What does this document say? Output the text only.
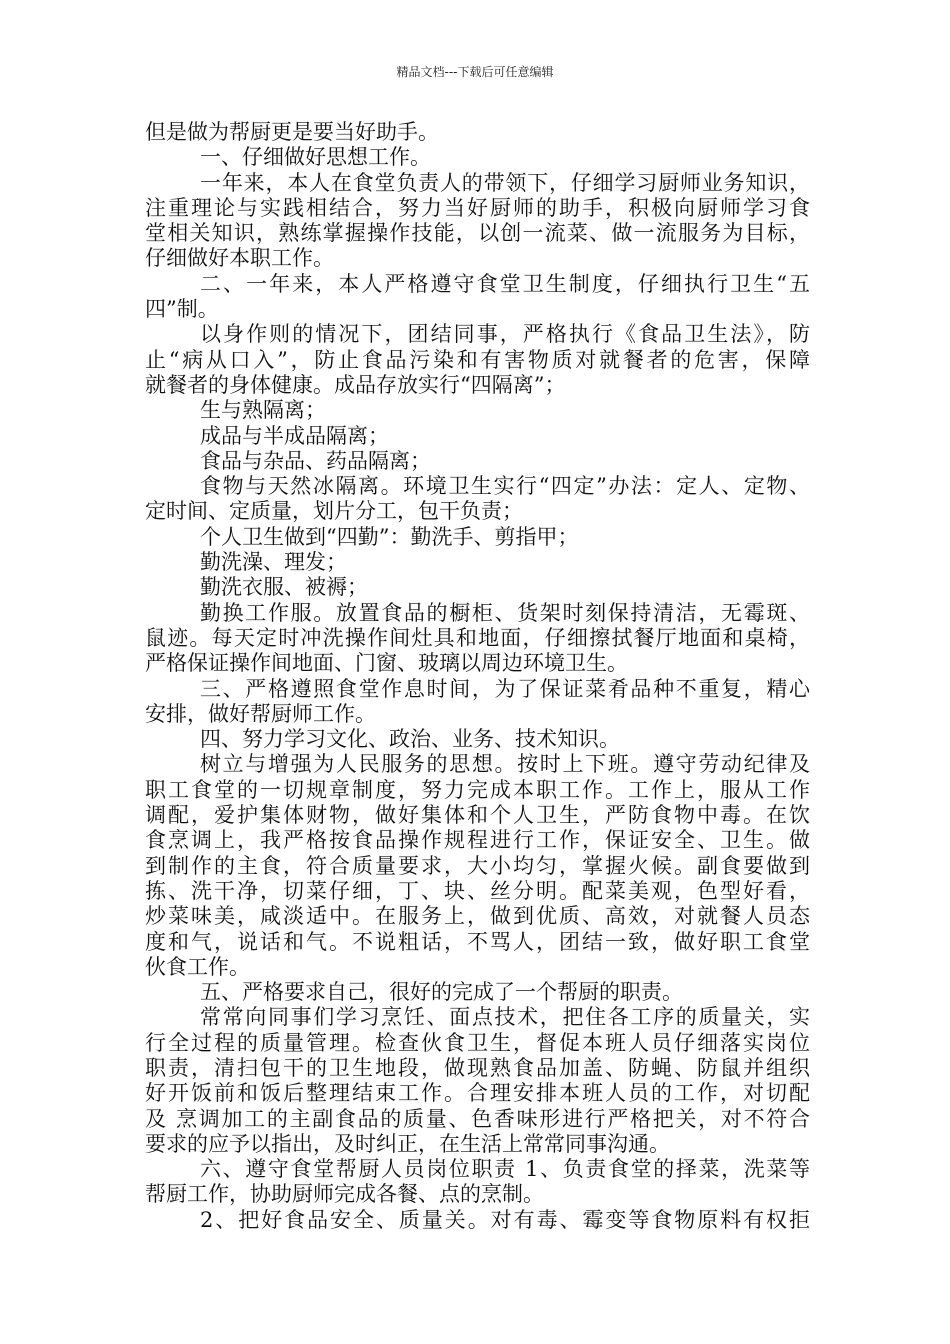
精品文档---下载后可任意编辑
但是做为帮厨更是要当好助手。
一、仔细做好思想工作。
一年来，本人在食堂负责人的带领下，仔细学习厨师业务知识，
注重理论与实践相结合，努力当好厨师的助手，积极向厨师学习食
堂相关知识，熟练掌握操作技能，以创一流菜、做一流服务为目标，
仔细做好本职工作。
二、一年来，本人严格遵守食堂卫生制度，仔细执行卫生“五
四”制。
以身作则的情况下，团结同事，严格执行《食品卫生法》，防
止“病从口入”，防止食品污染和有害物质对就餐者的危害，保障
就餐者的身体健康。成品存放实行“四隔离”；
生与熟隔离；
成品与半成品隔离；
食品与杂品、药品隔离；
食物与天然冰隔离。环境卫生实行“四定”办法：定人、定物、
定时间、定质量，划片分工，包干负责；
个人卫生做到“四勤”：勤洗手、剪指甲；
勤洗澡、理发；
勤洗衣服、被褥；
勤换工作服。放置食品的橱柜、货架时刻保持清洁，无霉斑、
鼠迹。每天定时冲洗操作间灶具和地面，仔细擦拭餐厅地面和桌椅，
严格保证操作间地面、门窗、玻璃以周边环境卫生。
三、严格遵照食堂作息时间，为了保证菜肴品种不重复，精心
安排，做好帮厨师工作。
四、努力学习文化、政治、业务、技术知识。
树立与增强为人民服务的思想。按时上下班。遵守劳动纪律及
职工食堂的一切规章制度，努力完成本职工作。工作上，服从工作
调配，爱护集体财物，做好集体和个人卫生，严防食物中毒。在饮
食烹调上，我严格按食品操作规程进行工作，保证安全、卫生。做
到制作的主食，符合质量要求，大小均匀，掌握火候。副食要做到
拣、洗干净，切菜仔细，丁、块、丝分明。配菜美观，色型好看，
炒菜味美，咸淡适中。在服务上，做到优质、高效，对就餐人员态
度和气，说话和气。不说粗话，不骂人，团结一致，做好职工食堂
伙食工作。
五、严格要求自己，很好的完成了一个帮厨的职责。
常常向同事们学习烹饪、面点技术，把住各工序的质量关，实
行全过程的质量管理。检查伙食卫生，督促本班人员仔细落实岗位
职责，清扫包干的卫生地段，做现熟食品加盖、防蝇、防鼠并组织
好开饭前和饭后整理结束工作。合理安排本班人员的工作，对切配
及 烹调加工的主副食品的质量、色香味形进行严格把关，对不符合
要求的应予以指出，及时纠正，在生活上常常同事沟通。
六、遵守食堂帮厨人员岗位职责 1、负责食堂的择菜，洗菜等
帮厨工作，协助厨师完成各餐、点的烹制。
2、把好食品安全、质量关。对有毒、霉变等食物原料有权拒
